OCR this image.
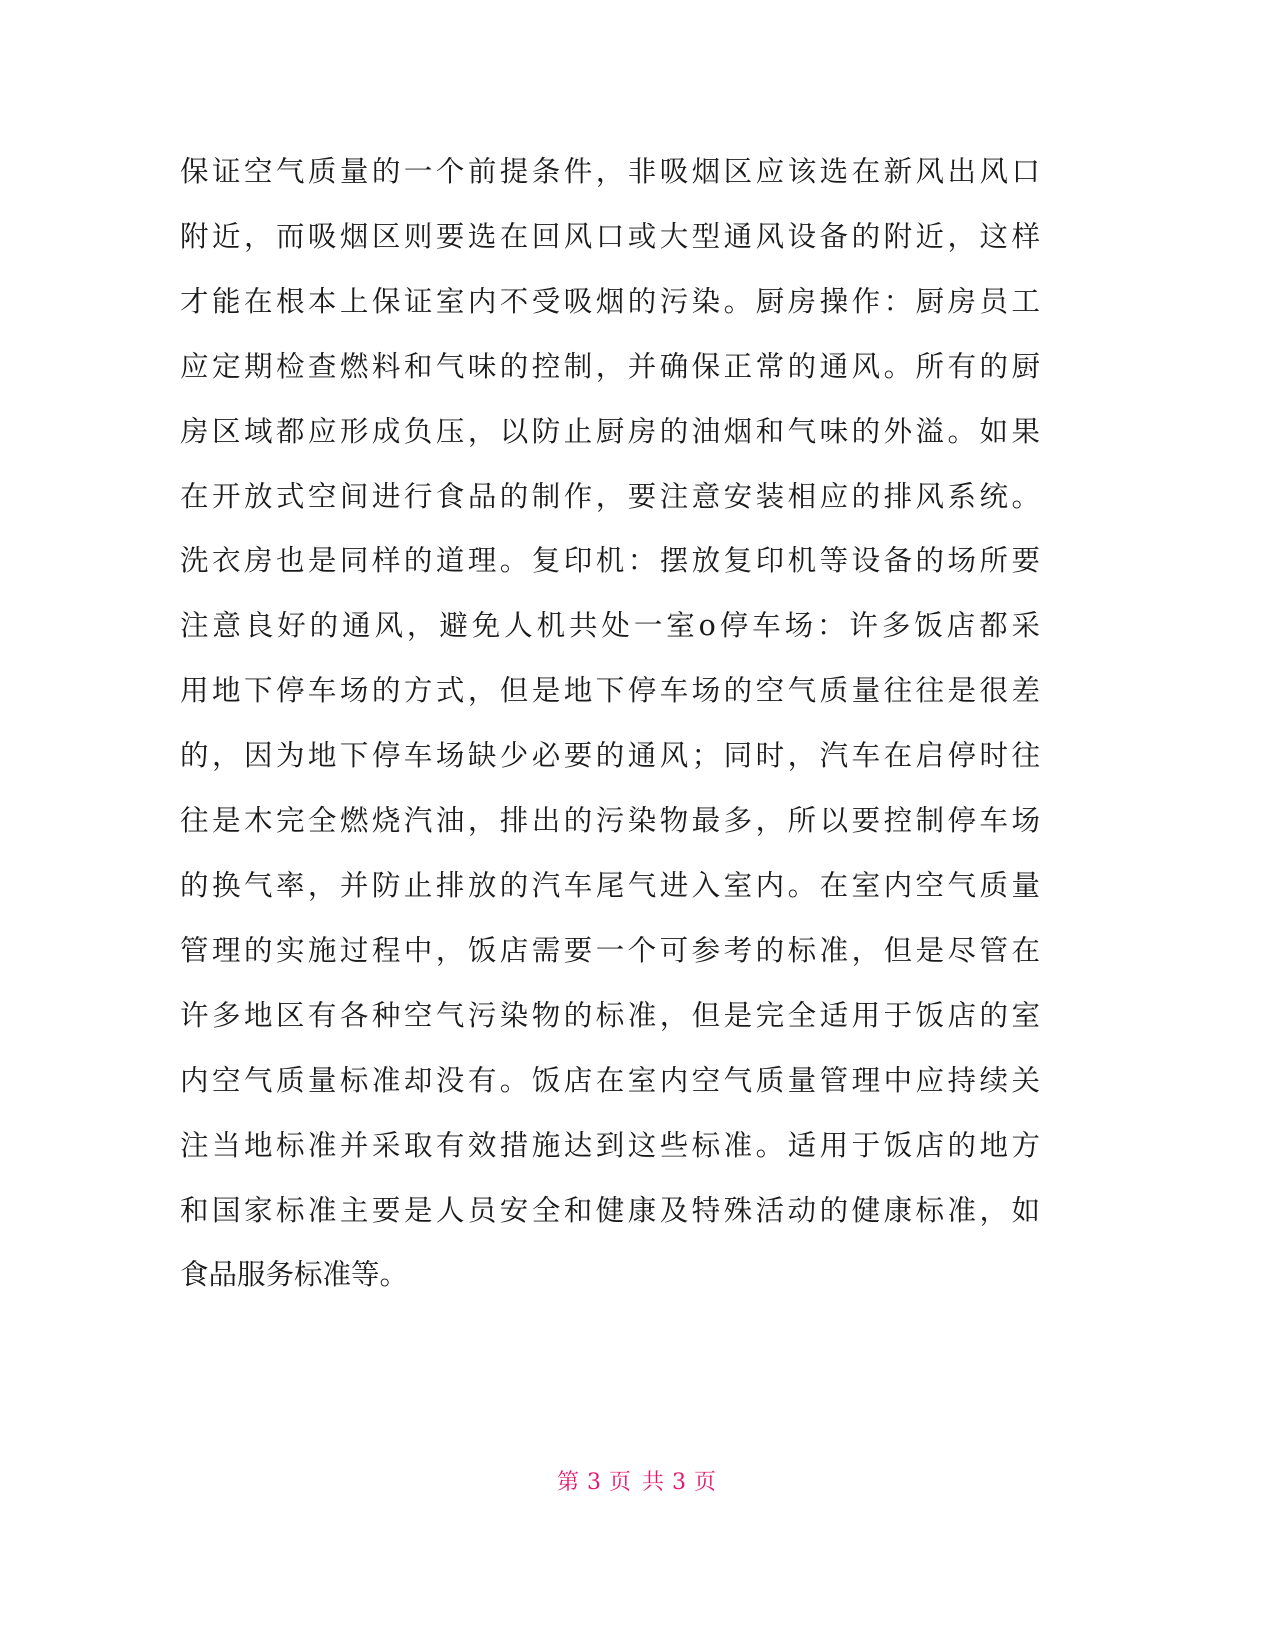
保证空气质量的一个前提条件，非吸烟区应该选在新风出风口
附近，而吸烟区则要选在回风口或大型通风设备的附近，这样
才能在根本上保证室内不受吸烟的污染。厨房操作：厨房员工
应定期检查燃料和气味的控制，并确保正常的通风。所有的厨
房区域都应形成负压，以防止厨房的油烟和气味的外溢。如果
在开放式空间进行食品的制作，要注意安装相应的排风系统。
洗衣房也是同样的道理。复印机：摆放复印机等设备的场所要
注意良好的通风，避免人机共处一室o停车场：许多饭店都采
用地下停车场的方式，但是地下停车场的空气质量往往是很差
的，因为地下停车场缺少必要的通风；同时，汽车在启停时往
往是木完全燃烧汽油，排出的污染物最多，所以要控制停车场
的换气率，并防止排放的汽车尾气进入室内。在室内空气质量
管理的实施过程中，饭店需要一个可参考的标准，但是尽管在
许多地区有各种空气污染物的标准，但是完全适用于饭店的室
内空气质量标准却没有。饭店在室内空气质量管理中应持续关
注当地标准并采取有效措施达到这些标准。适用于饭店的地方
和国家标准主要是人员安全和健康及特殊活动的健康标准，如
食品服务标准等。
第 3 页 共 3 页
